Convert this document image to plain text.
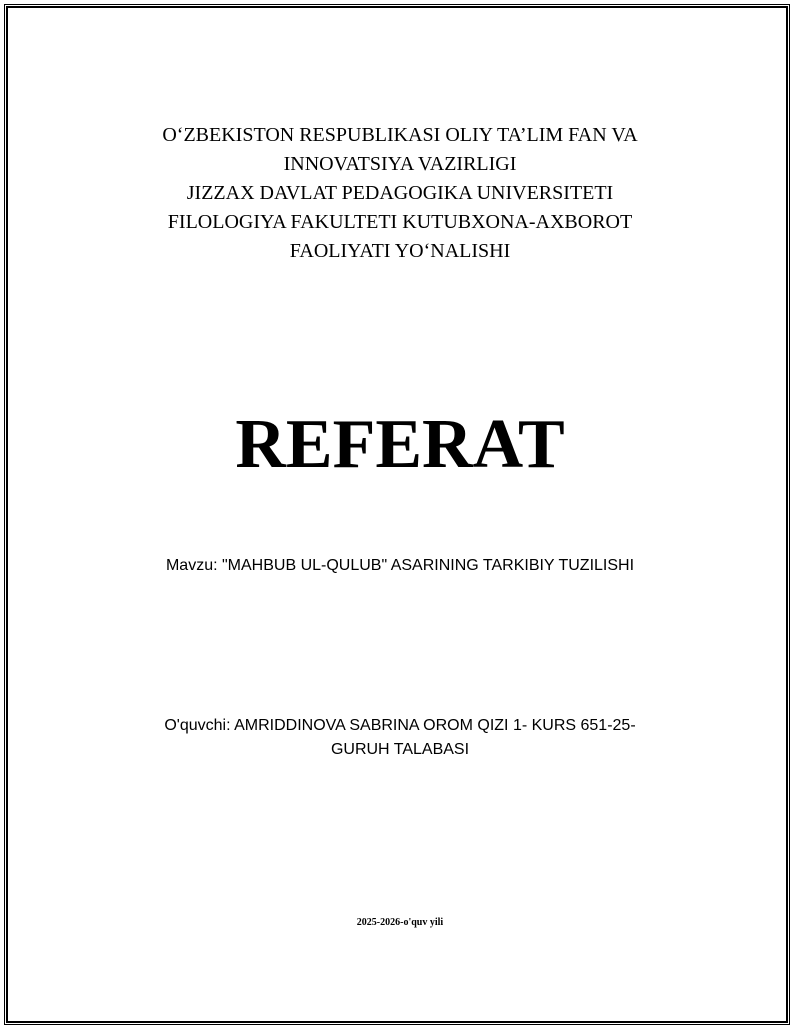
O‘ZBEKISTON RESPUBLIKASI OLIY TA’LIM FAN VA
INNOVATSIYA VAZIRLIGI
JIZZAX DAVLAT PEDAGOGIKA UNIVERSITETI
FILOLOGIYA FAKULTETI KUTUBXONA-AXBOROT
FAOLIYATI YO‘NALISHI
REFERAT
Mavzu: "MAHBUB UL-QULUB" ASARINING TARKIBIY TUZILISHI
O'quvchi: AMRIDDINOVA SABRINA OROM QIZI 1- KURS 651-25-
GURUH TALABASI
2025-2026-o'quv yili
